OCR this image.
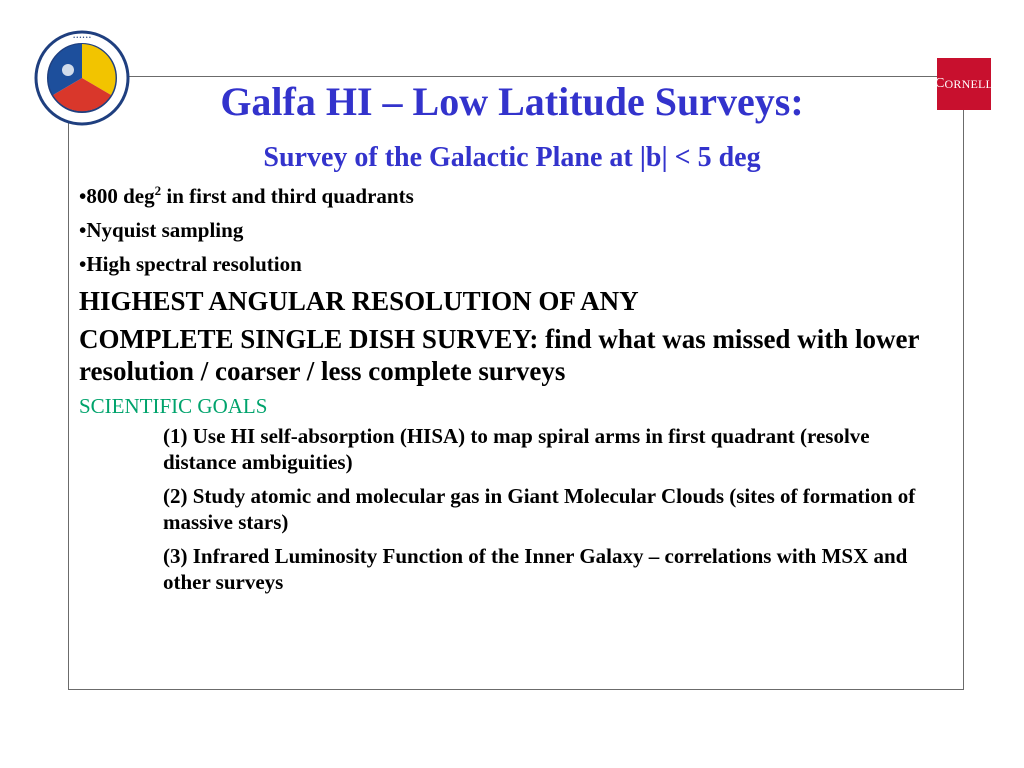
• • • • • •
C ORNELL
Galfa HI – Low Latitude Surveys:
Survey of the Galactic Plane at |b| < 5 deg
•800 deg$^2$ in first and third quadrants
•Nyquist sampling
•High spectral resolution
HIGHEST ANGULAR RESOLUTION OF ANY
COMPLETE SINGLE DISH SURVEY: find what was missed with lower resolution / coarser / less complete surveys
SCIENTIFIC GOALS
(1) Use HI self-absorption (HISA) to map spiral arms in first quadrant (resolve distance ambiguities)
(2) Study atomic and molecular gas in Giant Molecular Clouds (sites of formation of massive stars)
(3) Infrared Luminosity Function of the Inner Galaxy – correlations with MSX and other surveys
